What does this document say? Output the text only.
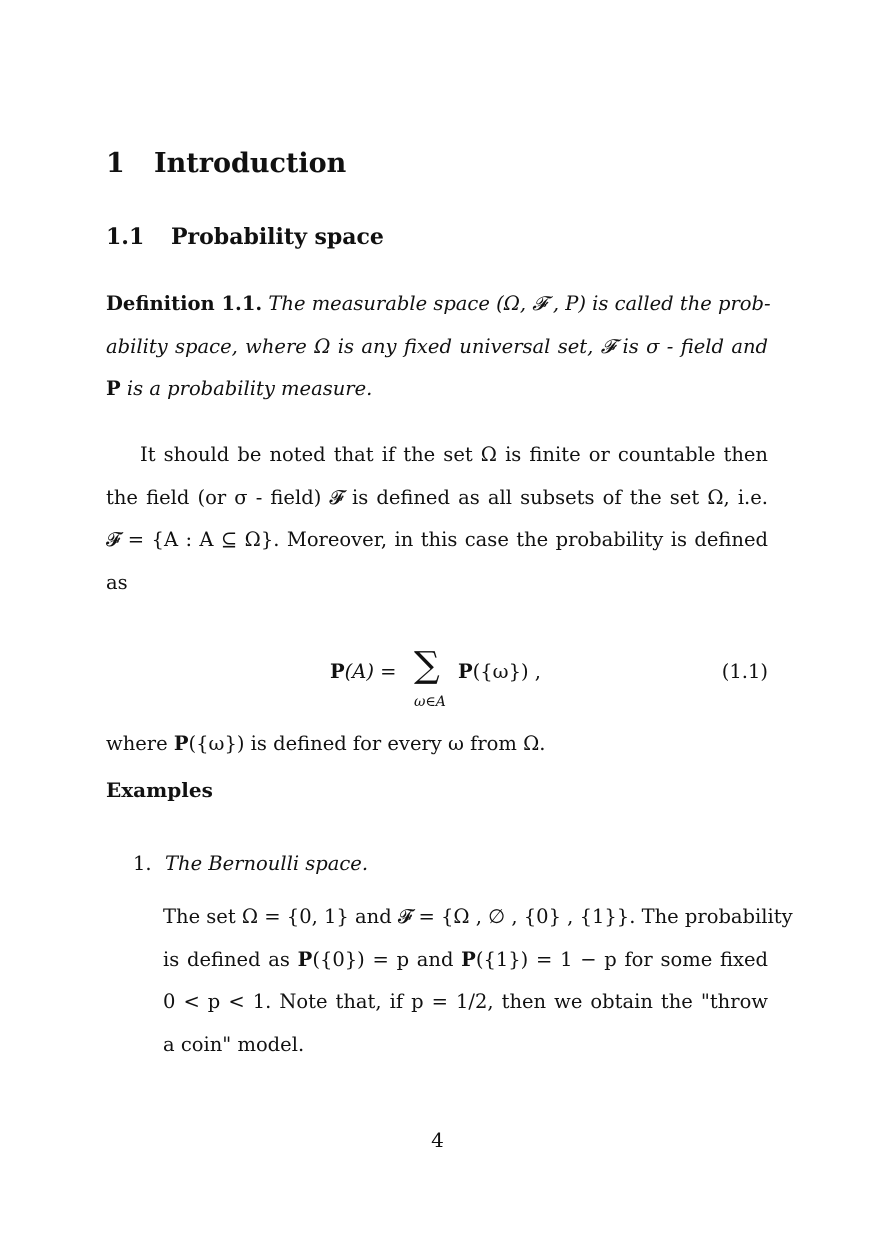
1 Introduction
1.1 Probability space
Definition 1.1. The measurable space (Ω, 𝓕 , P) is called the prob-
ability space, where Ω is any fixed universal set, 𝓕 is σ - field and
P is a probability measure.
It should be noted that if the set Ω is finite or countable then
the field (or σ - field) 𝓕 is defined as all subsets of the set Ω, i.e.
𝓕 = {A : A ⊆ Ω}. Moreover, in this case the probability is defined
as
P(A) = ∑
ω∈A
P({ω}) ,	(1.1)
where P({ω}) is defined for every ω from Ω.
Examples
1. The Bernoulli space.
The set Ω = {0, 1} and 𝓕 = {Ω , ∅ , {0} , {1}}. The probability
is defined as P({0}) = p and P({1}) = 1 − p for some fixed
0 < p < 1. Note that, if p = 1/2, then we obtain the "throw
a coin" model.
4
